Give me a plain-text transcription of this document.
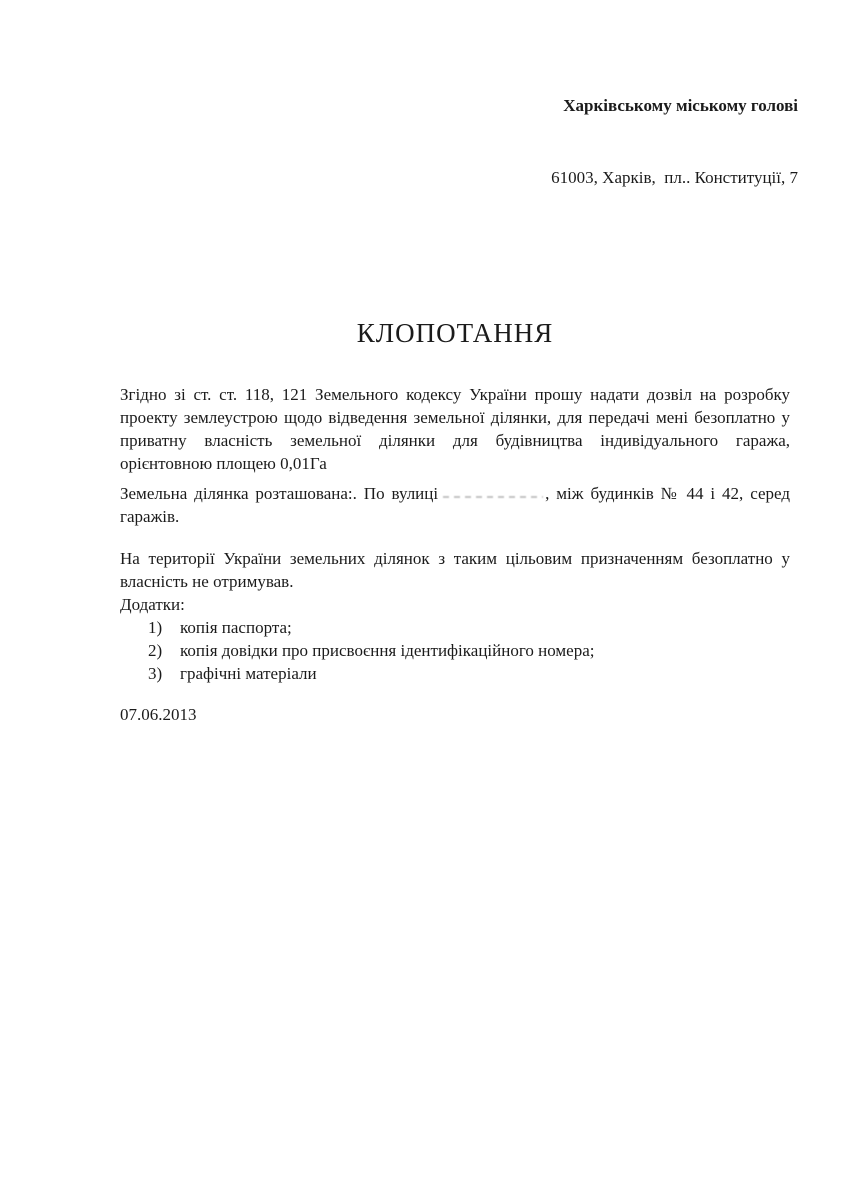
Харківському міському голові

61003, Харків,  пл.. Конституції, 7

КЛОПОТАННЯ

Згідно зі ст. ст. 118, 121 Земельного кодексу України прошу надати дозвіл на розробку проекту землеустрою щодо відведення земельної ділянки, для передачі мені безоплатно у приватну власність земельної ділянки для будівництва індивідуального гаража, орієнтовною площею 0,01Га

Земельна ділянка розташована:. По вулиці	, між будинків № 44 і 42, серед гаражів.

На території України земельних ділянок з таким цільовим призначенням безоплатно у власність не отримував.

Додатки:
1)	копія паспорта;
2)	копія довідки про присвоєння ідентифікаційного номера;
3)	графічні матеріали
07.06.2013
